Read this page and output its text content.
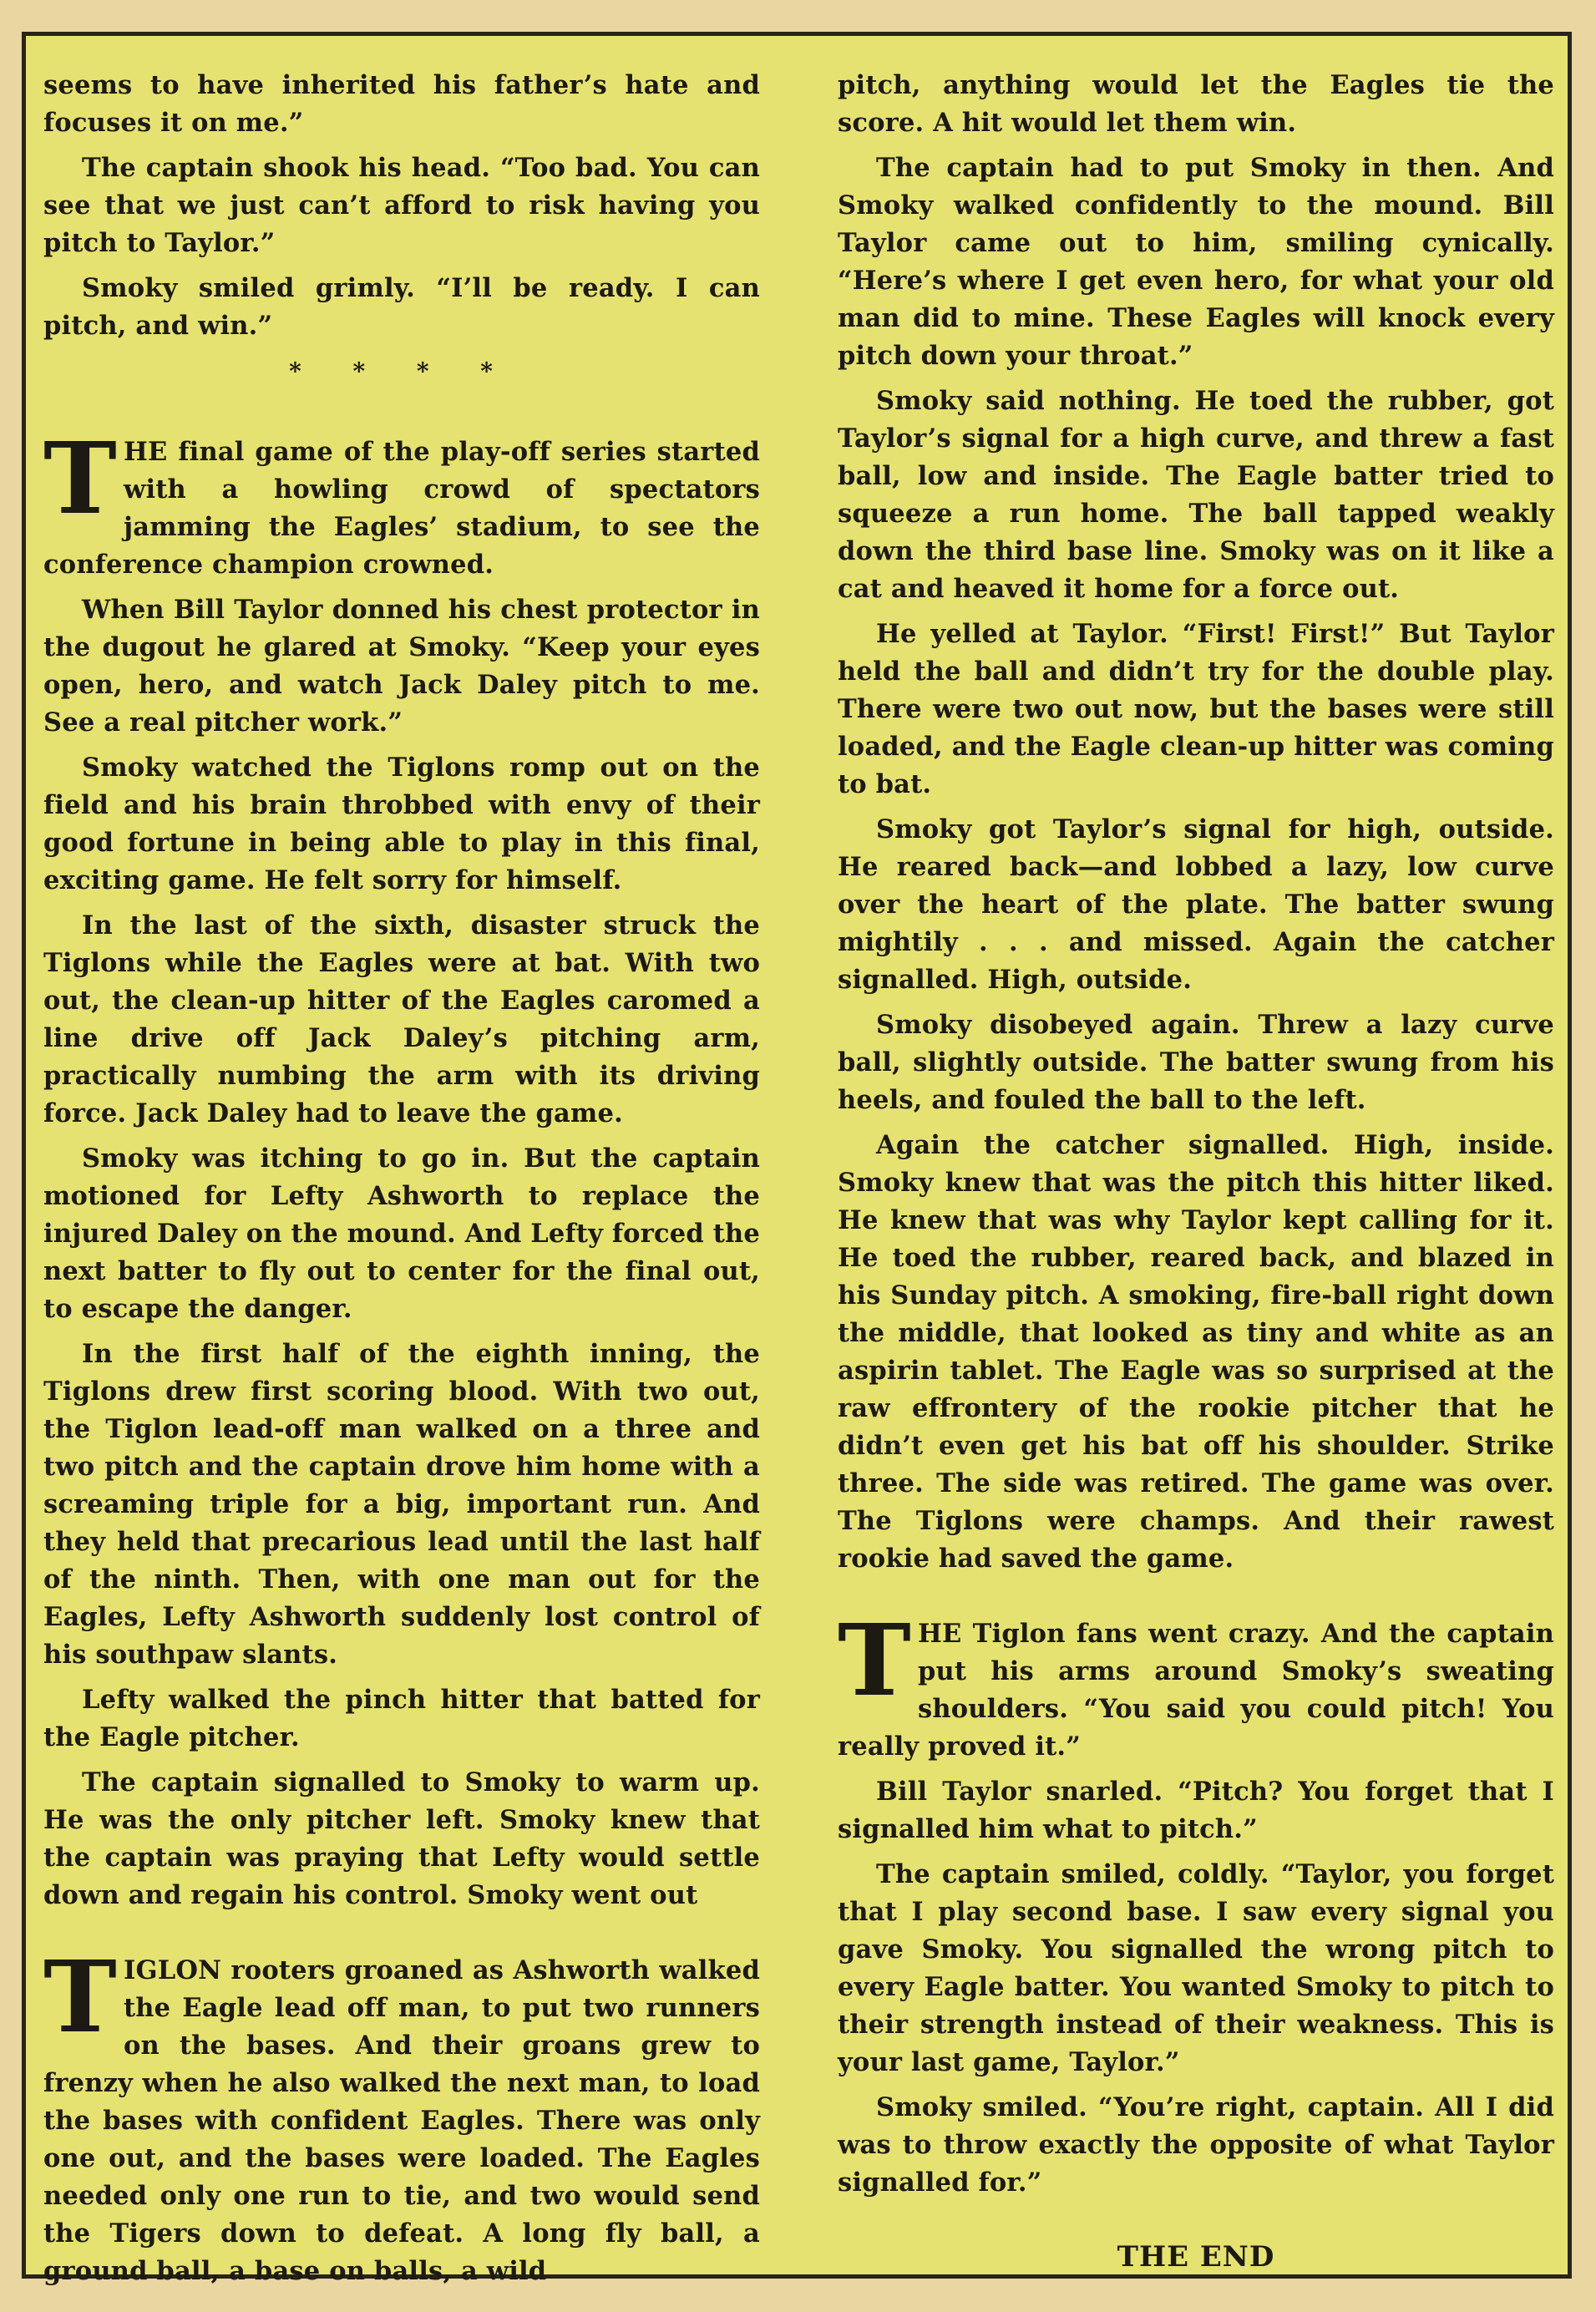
seems to have inherited his father’s hate and focuses it on me.”

The captain shook his head. “Too bad. You can see that we just can’t afford to risk having you pitch to Taylor.”

Smoky smiled grimly. “I’ll be ready. I can pitch, and win.”

* * * *

THE final game of the play-off series started with a howling crowd of spectators jamming the Eagles’ stadium, to see the conference champion crowned.

When Bill Taylor donned his chest protector in the dugout he glared at Smoky. “Keep your eyes open, hero, and watch Jack Daley pitch to me. See a real pitcher work.”

Smoky watched the Tiglons romp out on the field and his brain throbbed with envy of their good fortune in being able to play in this final, exciting game. He felt sorry for himself.

In the last of the sixth, disaster struck the Tiglons while the Eagles were at bat. With two out, the clean-up hitter of the Eagles caromed a line drive off Jack Daley’s pitching arm, practically numbing the arm with its driving force. Jack Daley had to leave the game.

Smoky was itching to go in. But the captain motioned for Lefty Ashworth to replace the injured Daley on the mound. And Lefty forced the next batter to fly out to center for the final out, to escape the danger.

In the first half of the eighth inning, the Tiglons drew first scoring blood. With two out, the Tiglon lead-off man walked on a three and two pitch and the captain drove him home with a screaming triple for a big, important run. And they held that precarious lead until the last half of the ninth. Then, with one man out for the Eagles, Lefty Ashworth suddenly lost control of his southpaw slants.

Lefty walked the pinch hitter that batted for the Eagle pitcher.

The captain signalled to Smoky to warm up. He was the only pitcher left. Smoky knew that the captain was praying that Lefty would settle down and regain his control. Smoky went out

TIGLON rooters groaned as Ashworth walked the Eagle lead off man, to put two runners on the bases. And their groans grew to frenzy when he also walked the next man, to load the bases with confident Eagles. There was only one out, and the bases were loaded. The Eagles needed only one run to tie, and two would send the Tigers down to defeat. A long fly ball, a ground ball, a base on balls, a wild

pitch, anything would let the Eagles tie the score. A hit would let them win.

The captain had to put Smoky in then. And Smoky walked confidently to the mound. Bill Taylor came out to him, smiling cynically. “Here’s where I get even hero, for what your old man did to mine. These Eagles will knock every pitch down your throat.”

Smoky said nothing. He toed the rubber, got Taylor’s signal for a high curve, and threw a fast ball, low and inside. The Eagle batter tried to squeeze a run home. The ball tapped weakly down the third base line. Smoky was on it like a cat and heaved it home for a force out.

He yelled at Taylor. “First! First!” But Taylor held the ball and didn’t try for the double play. There were two out now, but the bases were still loaded, and the Eagle clean-up hitter was coming to bat.

Smoky got Taylor’s signal for high, outside. He reared back—and lobbed a lazy, low curve over the heart of the plate. The batter swung mightily . . . and missed. Again the catcher signalled. High, outside.

Smoky disobeyed again. Threw a lazy curve ball, slightly outside. The batter swung from his heels, and fouled the ball to the left.

Again the catcher signalled. High, inside. Smoky knew that was the pitch this hitter liked. He knew that was why Taylor kept calling for it. He toed the rubber, reared back, and blazed in his Sunday pitch. A smoking, fire-ball right down the middle, that looked as tiny and white as an aspirin tablet. The Eagle was so surprised at the raw effrontery of the rookie pitcher that he didn’t even get his bat off his shoulder. Strike three. The side was retired. The game was over. The Tiglons were champs. And their rawest rookie had saved the game.

THE Tiglon fans went crazy. And the captain put his arms around Smoky’s sweating shoulders. “You said you could pitch! You really proved it.”

Bill Taylor snarled. “Pitch? You forget that I signalled him what to pitch.”

The captain smiled, coldly. “Taylor, you forget that I play second base. I saw every signal you gave Smoky. You signalled the wrong pitch to every Eagle batter. You wanted Smoky to pitch to their strength instead of their weakness. This is your last game, Taylor.”

Smoky smiled. “You’re right, captain. All I did was to throw exactly the opposite of what Taylor signalled for.”

THE END
